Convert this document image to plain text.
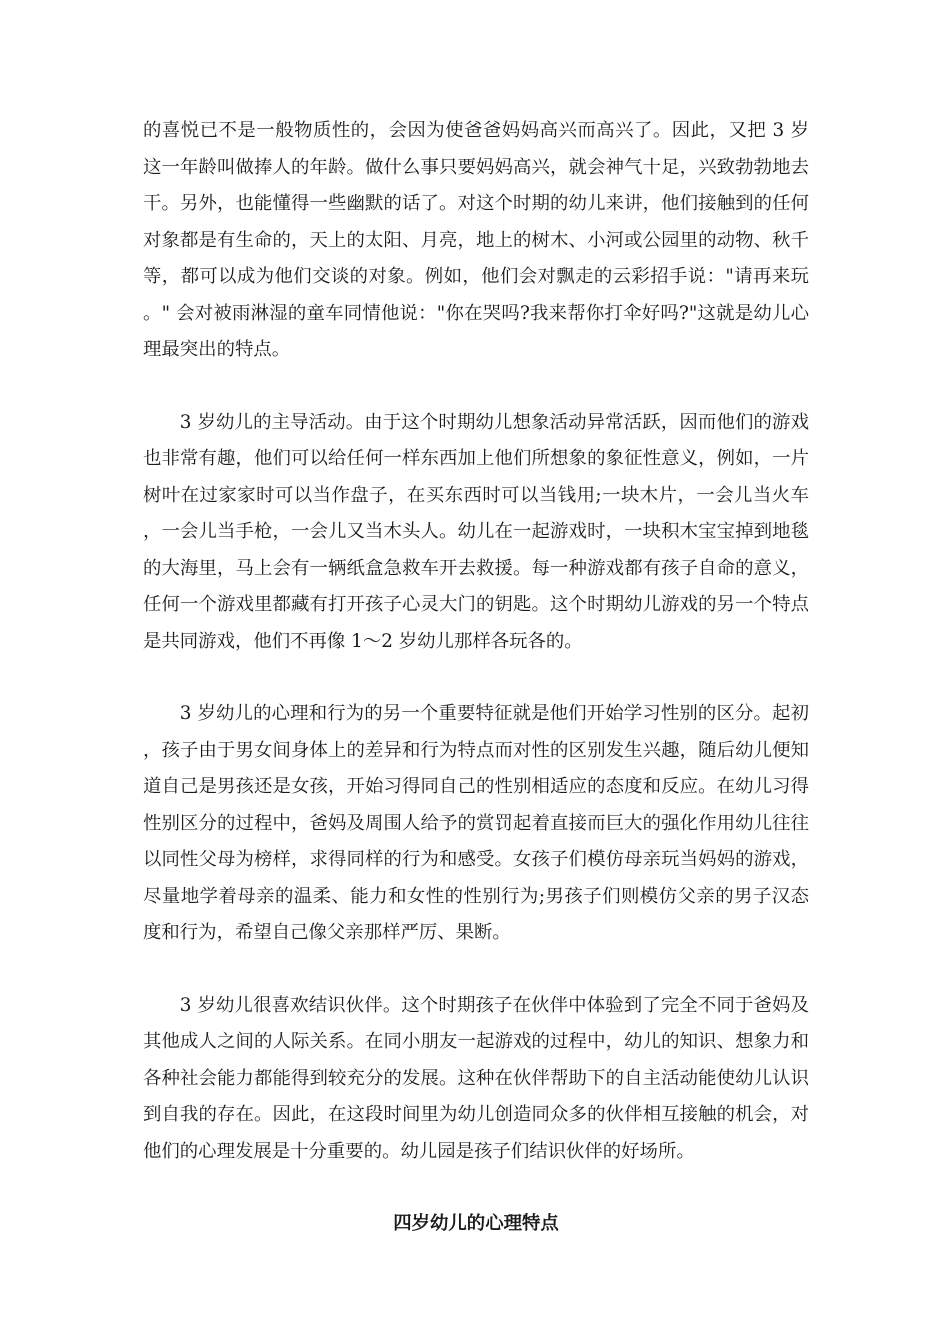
的喜悦已不是一般物质性的，会因为使爸爸妈妈高兴而高兴了。因此，又把 3 岁这一年龄叫做捧人的年龄。做什么事只要妈妈高兴，就会神气十足，兴致勃勃地去干。另外，也能懂得一些幽默的话了。对这个时期的幼儿来讲，他们接触到的任何对象都是有生命的，天上的太阳、月亮，地上的树木、小河或公园里的动物、秋千等，都可以成为他们交谈的对象。例如，他们会对飘走的云彩招手说："请再来玩。" 会对被雨淋湿的童车同情他说："你在哭吗?我来帮你打伞好吗?"这就是幼儿心理最突出的特点。

3 岁幼儿的主导活动。由于这个时期幼儿想象活动异常活跃，因而他们的游戏也非常有趣，他们可以给任何一样东西加上他们所想象的象征性意义，例如，一片树叶在过家家时可以当作盘子，在买东西时可以当钱用;一块木片，一会儿当火车，一会儿当手枪，一会儿又当木头人。幼儿在一起游戏时，一块积木宝宝掉到地毯的大海里，马上会有一辆纸盒急救车开去救援。每一种游戏都有孩子自命的意义，任何一个游戏里都藏有打开孩子心灵大门的钥匙。这个时期幼儿游戏的另一个特点是共同游戏，他们不再像 1～2 岁幼儿那样各玩各的。

3 岁幼儿的心理和行为的另一个重要特征就是他们开始学习性别的区分。起初，孩子由于男女间身体上的差异和行为特点而对性的区别发生兴趣，随后幼儿便知道自己是男孩还是女孩，开始习得同自己的性别相适应的态度和反应。在幼儿习得性别区分的过程中，爸妈及周围人给予的赏罚起着直接而巨大的强化作用幼儿往往以同性父母为榜样，求得同样的行为和感受。女孩子们模仿母亲玩当妈妈的游戏，尽量地学着母亲的温柔、能力和女性的性别行为;男孩子们则模仿父亲的男子汉态度和行为，希望自己像父亲那样严厉、果断。

3 岁幼儿很喜欢结识伙伴。这个时期孩子在伙伴中体验到了完全不同于爸妈及其他成人之间的人际关系。在同小朋友一起游戏的过程中，幼儿的知识、想象力和各种社会能力都能得到较充分的发展。这种在伙伴帮助下的自主活动能使幼儿认识到自我的存在。因此，在这段时间里为幼儿创造同众多的伙伴相互接触的机会，对他们的心理发展是十分重要的。幼儿园是孩子们结识伙伴的好场所。

四岁幼儿的心理特点
